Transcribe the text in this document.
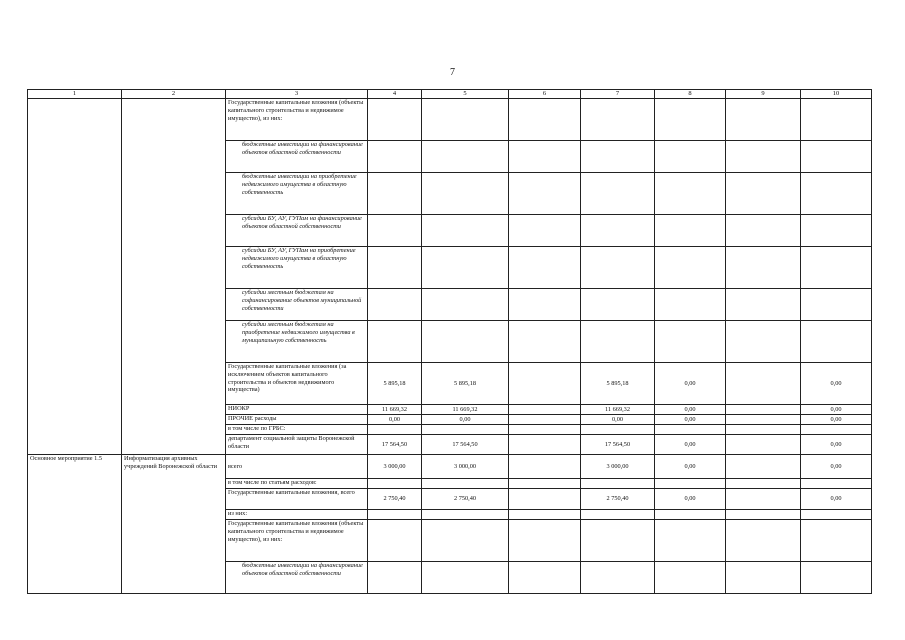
7
1	2	3	4	5	6	7	8	9	10
		Государственные капитальные вложения (объекты капитального строительства и недвижимое имущество), из них:							
		бюджетные инвестиции на финансирование объектов областной собственности							
		бюджетные инвестиции на приобретение недвижимого имущества в областную собственность							
		субсидии БУ, АУ, ГУПам на финансирование объектов областной собственности							
		субсидии БУ, АУ, ГУПам на приобретение недвижимого имущества в областную собственность							
		субсидии местным бюджетам на софинансирование объектов муниципальной собственности							
		субсидии местным бюджетам на приобретение недвижимого имущества в муниципальную собственность							
		Государственные капитальные вложения (за исключением объектов капитального строительства и объектов недвижимого имущества)	5 895,18	5 895,18		5 895,18	0,00		0,00
		НИОКР	11 669,32	11 669,32		11 669,32	0,00		0,00
		ПРОЧИЕ расходы	0,00	0,00		0,00	0,00		0,00
		в том числе по ГРБС:							
		департамент социальной защиты Воронежской области	17 564,50	17 564,50		17 564,50	0,00		0,00
Основное мероприятие 1.5	Информатизация архивных учреждений Воронежской области	всего	3 000,00	3 000,00		3 000,00	0,00		0,00
		в том числе по статьям расходов:							
		Государственные капитальные вложения, всего	2 750,40	2 750,40		2 750,40	0,00		0,00
		из них:							
		Государственные капитальные вложения (объекты капитального строительства и недвижимое имущество), из них:							
		бюджетные инвестиции на финансирование объектов областной собственности							
